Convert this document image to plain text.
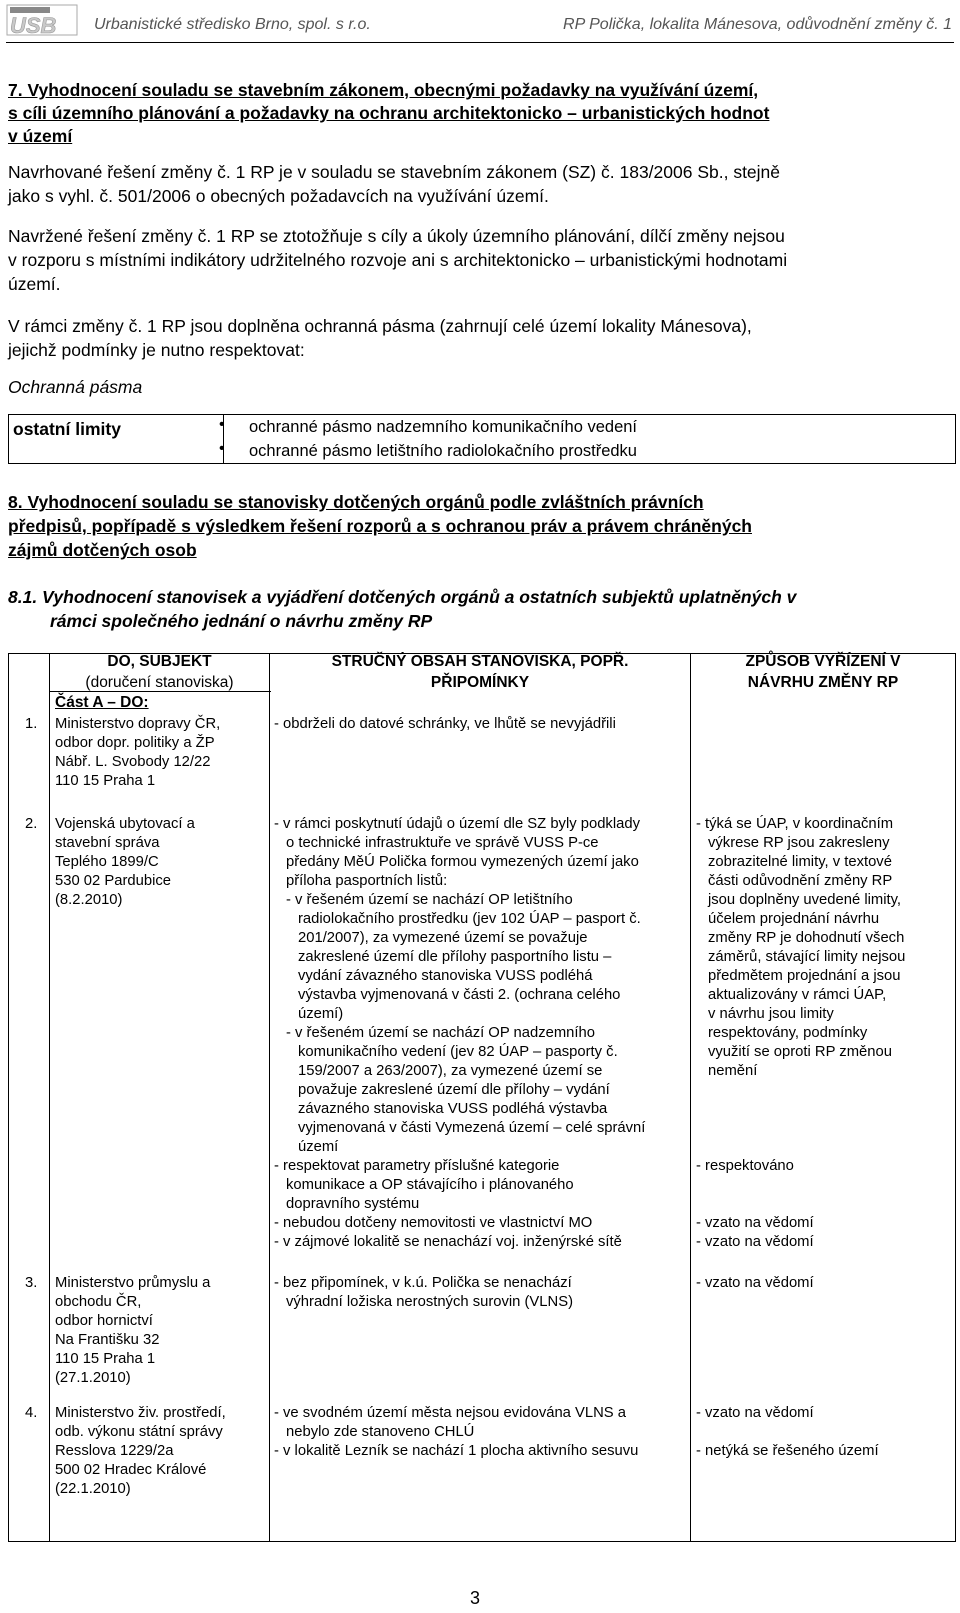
USB Urbanistické středisko Brno, spol. s r.o.	RP Polička, lokalita Mánesova, odůvodnění změny č. 1
7. Vyhodnocení souladu se stavebním zákonem, obecnými požadavky na využívání území,
s cíli územního plánování a požadavky na ochranu architektonicko – urbanistických hodnot
v území
Navrhované řešení změny č. 1 RP je v souladu se stavebním zákonem (SZ) č. 183/2006 Sb., stejně
jako s vyhl. č. 501/2006 o obecných požadavcích na využívání území.
Navržené řešení změny č. 1 RP se ztotožňuje s cíly a úkoly územního plánování, dílčí změny nejsou
v rozporu s místními indikátory udržitelného rozvoje ani s architektonicko – urbanistickými hodnotami
území.
V rámci změny č. 1 RP jsou doplněna ochranná pásma (zahrnují celé území lokality Mánesova),
jejichž podmínky je nutno respektovat:
Ochranná pásma
ostatní limity	• ochranné pásmo nadzemního komunikačního vedení
• ochranné pásmo letištního radiolokačního prostředku
8. Vyhodnocení souladu se stanovisky dotčených orgánů podle zvláštních právních
předpisů, popřípadě s výsledkem řešení rozporů a s ochranou práv a právem chráněných
zájmů dotčených osob
8.1. Vyhodnocení stanovisek a vyjádření dotčených orgánů a ostatních subjektů uplatněných v
rámci společného jednání o návrhu změny RP
DO, SUBJEKT
(doručení stanoviska)
STRUČNÝ OBSAH STANOVISKA, POPŘ.
PŘIPOMÍNKY
ZPŮSOB VYŘÍZENÍ V
NÁVRHU ZMĚNY RP
Část A – DO:
1. Ministerstvo dopravy ČR,
odbor dopr. politiky a ŽP
Nábř. L. Svobody 12/22
110 15 Praha 1
- obdrželi do datové schránky, ve lhůtě se nevyjádřili
2. Vojenská ubytovací a
stavební správa
Teplého 1899/C
530 02 Pardubice
(8.2.2010)
- v rámci poskytnutí údajů o území dle SZ byly podklady
o technické infrastruktuře ve správě VUSS P-ce
předány MěÚ Polička formou vymezených území jako
příloha pasportních listů:
- v řešeném území se nachází OP letištního
radiolokačního prostředku (jev 102 ÚAP – pasport č.
201/2007), za vymezené území se považuje
zakreslené území dle přílohy pasportního listu –
vydání závazného stanoviska VUSS podléhá
výstavba vyjmenovaná v části 2. (ochrana celého
území)
- v řešeném území se nachází OP nadzemního
komunikačního vedení (jev 82 ÚAP – pasporty č.
159/2007 a 263/2007), za vymezené území se
považuje zakreslené území dle přílohy – vydání
závazného stanoviska VUSS podléhá výstavba
vyjmenovaná v části Vymezená území – celé správní
území
- respektovat parametry příslušné kategorie
komunikace a OP stávajícího i plánovaného
dopravního systému
- nebudou dotčeny nemovitosti ve vlastnictví MO
- v zájmové lokalitě se nenachází voj. inženýrské sítě
- týká se ÚAP, v koordinačním
výkrese RP jsou zakresleny
zobrazitelné limity, v textové
části odůvodnění změny RP
jsou doplněny uvedené limity,
účelem projednání návrhu
změny RP je dohodnutí všech
záměrů, stávající limity nejsou
předmětem projednání a jsou
aktualizovány v rámci ÚAP,
v návrhu jsou limity
respektovány, podmínky
využití se oproti RP změnou
nemění
- respektováno
- vzato na vědomí
- vzato na vědomí
3. Ministerstvo průmyslu a
obchodu ČR,
odbor hornictví
Na Františku 32
110 15 Praha 1
(27.1.2010)
- bez připomínek, v k.ú. Polička se nenachází
výhradní ložiska nerostných surovin (VLNS)
- vzato na vědomí
4. Ministerstvo živ. prostředí,
odb. výkonu státní správy
Resslova 1229/2a
500 02 Hradec Králové
(22.1.2010)
- ve svodném území města nejsou evidována VLNS a
nebylo zde stanoveno CHLÚ
- v lokalitě Lezník se nachází 1 plocha aktivního sesuvu
- vzato na vědomí
- netýká se řešeného území
3
